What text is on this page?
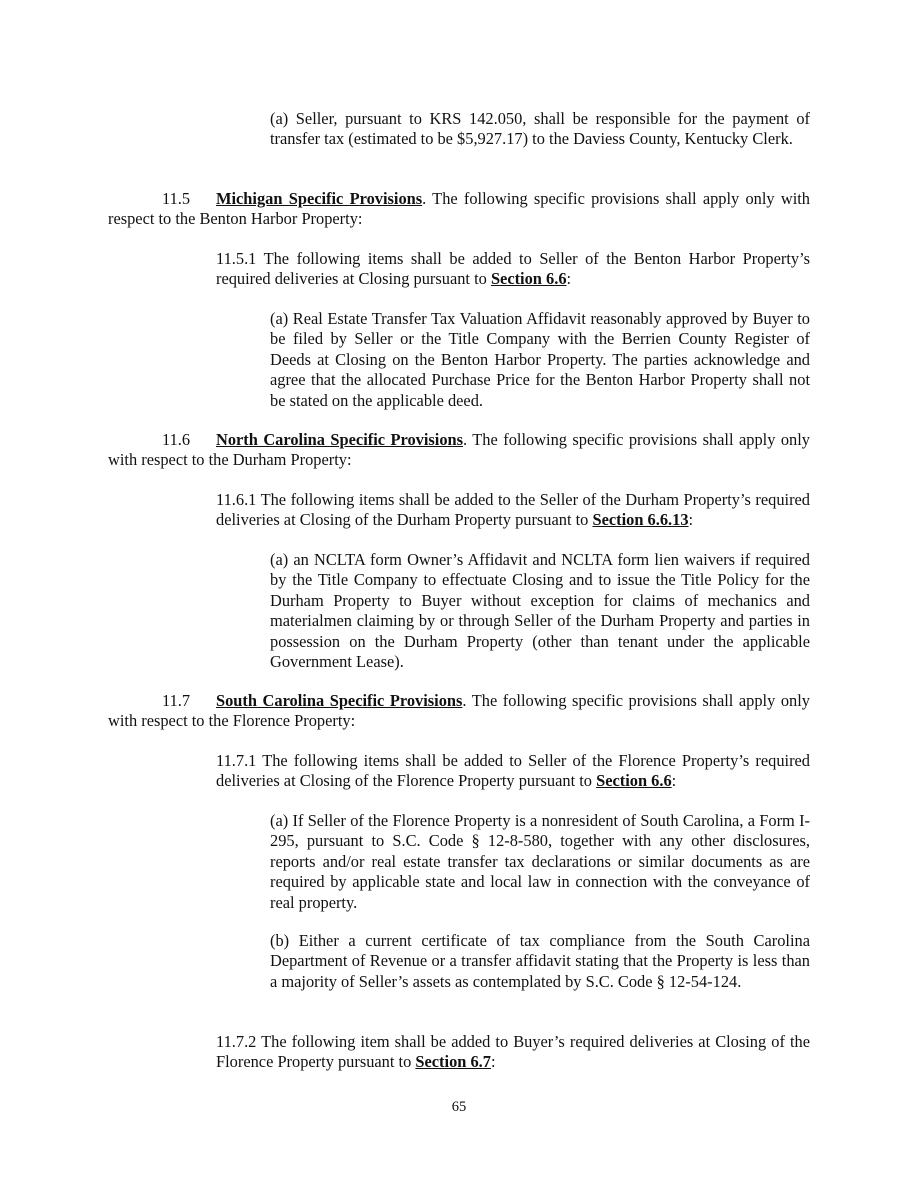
(a) Seller, pursuant to KRS 142.050, shall be responsible for the payment of transfer tax (estimated to be $5,927.17) to the Daviess County, Kentucky Clerk.

11.5 Michigan Specific Provisions. The following specific provisions shall apply only with respect to the Benton Harbor Property:

11.5.1 The following items shall be added to Seller of the Benton Harbor Property’s required deliveries at Closing pursuant to Section 6.6:

(a) Real Estate Transfer Tax Valuation Affidavit reasonably approved by Buyer to be filed by Seller or the Title Company with the Berrien County Register of Deeds at Closing on the Benton Harbor Property. The parties acknowledge and agree that the allocated Purchase Price for the Benton Harbor Property shall not be stated on the applicable deed.

11.6 North Carolina Specific Provisions. The following specific provisions shall apply only with respect to the Durham Property:

11.6.1 The following items shall be added to the Seller of the Durham Property’s required deliveries at Closing of the Durham Property pursuant to Section 6.6.13:

(a) an NCLTA form Owner’s Affidavit and NCLTA form lien waivers if required by the Title Company to effectuate Closing and to issue the Title Policy for the Durham Property to Buyer without exception for claims of mechanics and materialmen claiming by or through Seller of the Durham Property and parties in possession on the Durham Property (other than tenant under the applicable Government Lease).

11.7 South Carolina Specific Provisions. The following specific provisions shall apply only with respect to the Florence Property:

11.7.1 The following items shall be added to Seller of the Florence Property’s required deliveries at Closing of the Florence Property pursuant to Section 6.6:

(a) If Seller of the Florence Property is a nonresident of South Carolina, a Form I-295, pursuant to S.C. Code § 12-8-580, together with any other disclosures, reports and/or real estate transfer tax declarations or similar documents as are required by applicable state and local law in connection with the conveyance of real property.

(b) Either a current certificate of tax compliance from the South Carolina Department of Revenue or a transfer affidavit stating that the Property is less than a majority of Seller’s assets as contemplated by S.C. Code § 12-54-124.

11.7.2 The following item shall be added to Buyer’s required deliveries at Closing of the Florence Property pursuant to Section 6.7:

65
